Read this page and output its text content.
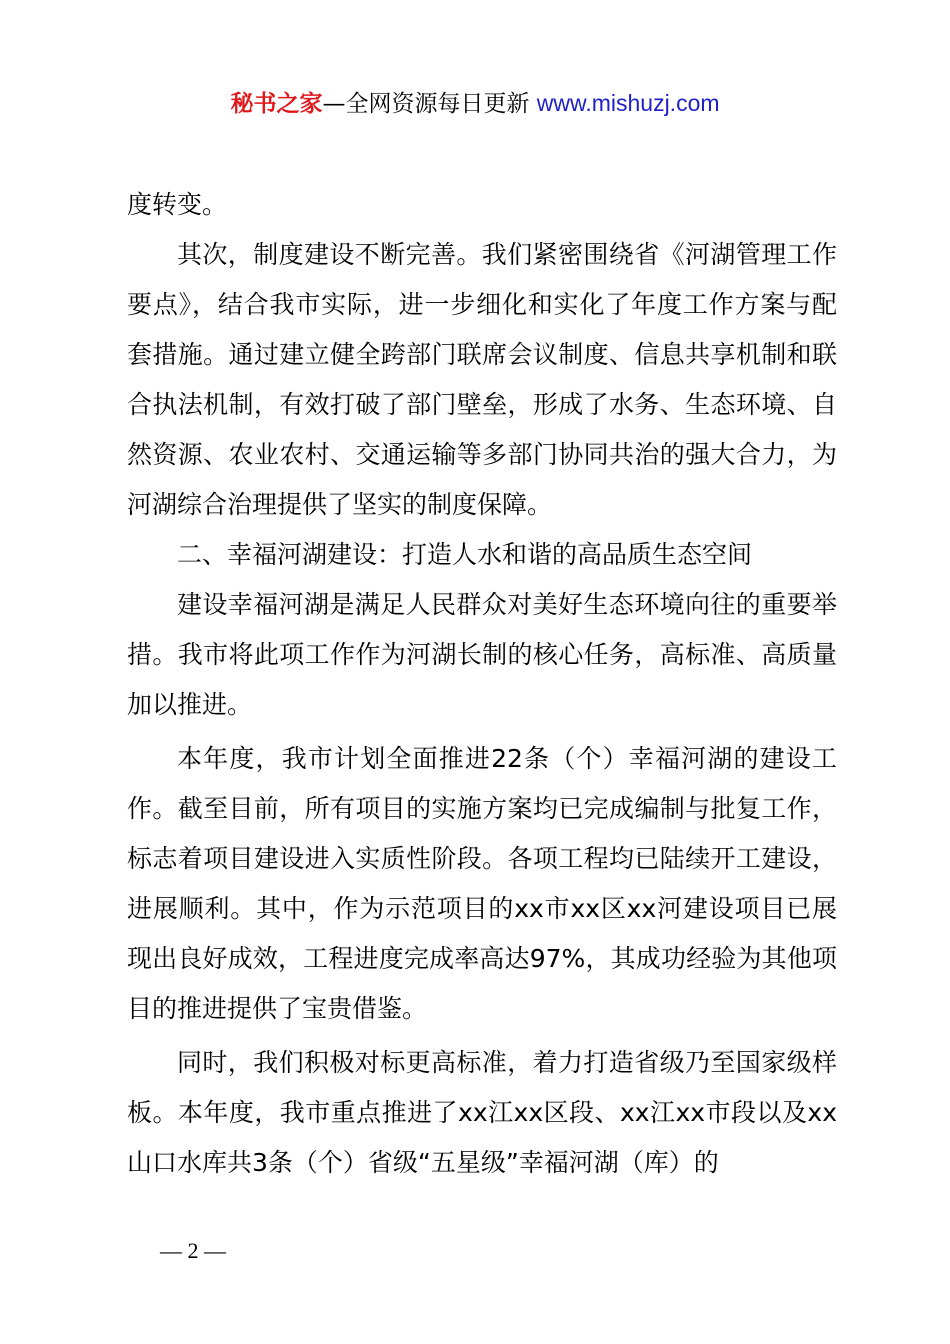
秘书之家—全网资源每日更新 www.mishuzj.com

度转变。

其次，制度建设不断完善。我们紧密围绕省《河湖管理工作要点》，结合我市实际，进一步细化和实化了年度工作方案与配套措施。通过建立健全跨部门联席会议制度、信息共享机制和联合执法机制，有效打破了部门壁垒，形成了水务、生态环境、自然资源、农业农村、交通运输等多部门协同共治的强大合力，为河湖综合治理提供了坚实的制度保障。

二、幸福河湖建设：打造人水和谐的高品质生态空间

建设幸福河湖是满足人民群众对美好生态环境向往的重要举措。我市将此项工作作为河湖长制的核心任务，高标准、高质量加以推进。

本年度，我市计划全面推进22条（个）幸福河湖的建设工作。截至目前，所有项目的实施方案均已完成编制与批复工作，标志着项目建设进入实质性阶段。各项工程均已陆续开工建设，进展顺利。其中，作为示范项目的xx市xx区xx河建设项目已展现出良好成效，工程进度完成率高达97%，其成功经验为其他项目的推进提供了宝贵借鉴。

同时，我们积极对标更高标准，着力打造省级乃至国家级样板。本年度，我市重点推进了xx江xx区段、xx江xx市段以及xx山口水库共3条（个）省级“五星级”幸福河湖（库）的

— 2 —
